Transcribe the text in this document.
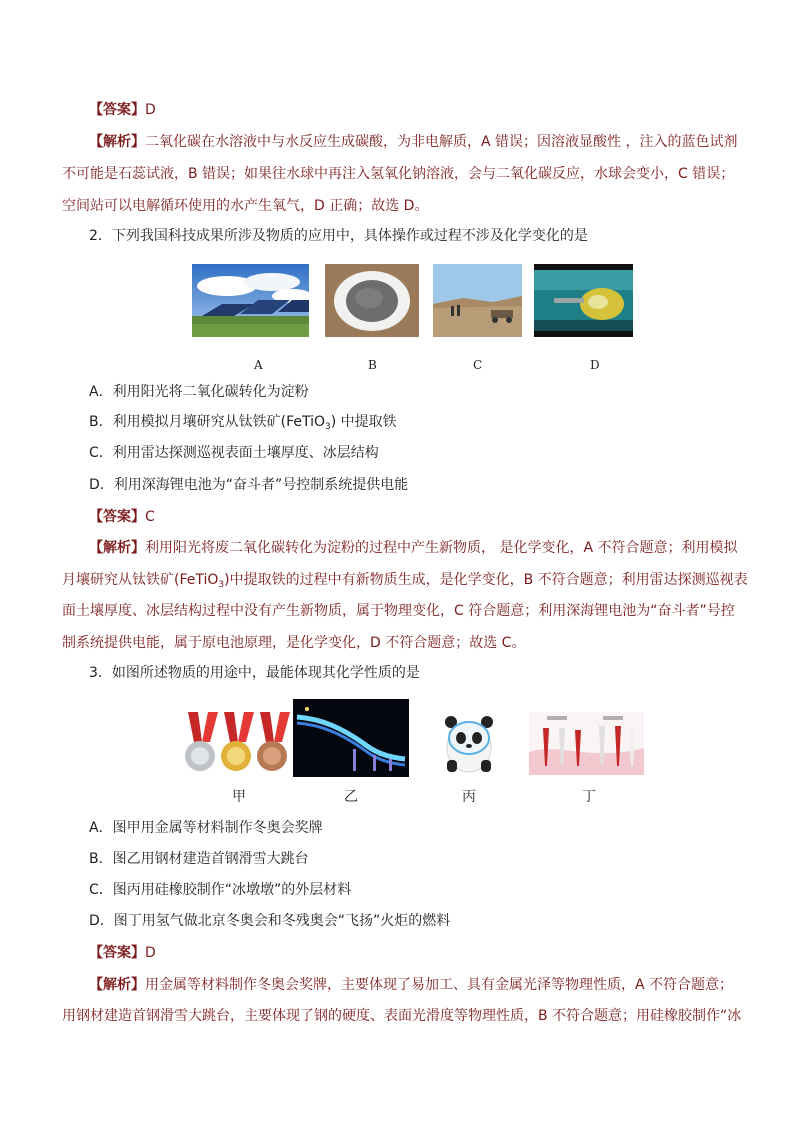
【答案】D
【解析】二氧化碳在水溶液中与水反应生成碳酸，为非电解质，A 错误；因溶液显酸性 ，注入的蓝色试剂
不可能是石蕊试液，B 错误；如果往水球中再注入氢氧化钠溶液，会与二氧化碳反应，水球会变小，C 错误；
空间站可以电解循环使用的水产生氧气，D 正确；故选 D。
2．下列我国科技成果所涉及物质的应用中，具体操作或过程不涉及化学变化的是
A	B	C	D
A．利用阳光将二氧化碳转化为淀粉
B．利用模拟月壤研究从钛铁矿(FeTiO$_3$) 中提取铁
C．利用雷达探测巡视表面土壤厚度、冰层结构
D．利用深海锂电池为“奋斗者”号控制系统提供电能
【答案】C
【解析】利用阳光将废二氧化碳转化为淀粉的过程中产生新物质， 是化学变化，A 不符合题意；利用模拟
月壤研究从钛铁矿(FeTiO$_3$)中提取铁的过程中有新物质生成，是化学变化，B 不符合题意；利用雷达探测巡视表
面土壤厚度、冰层结构过程中没有产生新物质，属于物理变化，C 符合题意；利用深海锂电池为“奋斗者”号控
制系统提供电能，属于原电池原理，是化学变化，D 不符合题意；故选 C。
3．如图所述物质的用途中，最能体现其化学性质的是
甲	乙	丙	丁
A．图甲用金属等材料制作冬奥会奖牌
B．图乙用钢材建造首钢滑雪大跳台
C．图丙用硅橡胶制作“冰墩墩”的外层材料
D．图丁用氢气做北京冬奥会和冬残奥会“飞扬”火炬的燃料
【答案】D
【解析】用金属等材料制作冬奥会奖牌，主要体现了易加工、具有金属光泽等物理性质，A 不符合题意；
用钢材建造首钢滑雪大跳台，主要体现了钢的硬度、表面光滑度等物理性质，B 不符合题意；用硅橡胶制作“冰
